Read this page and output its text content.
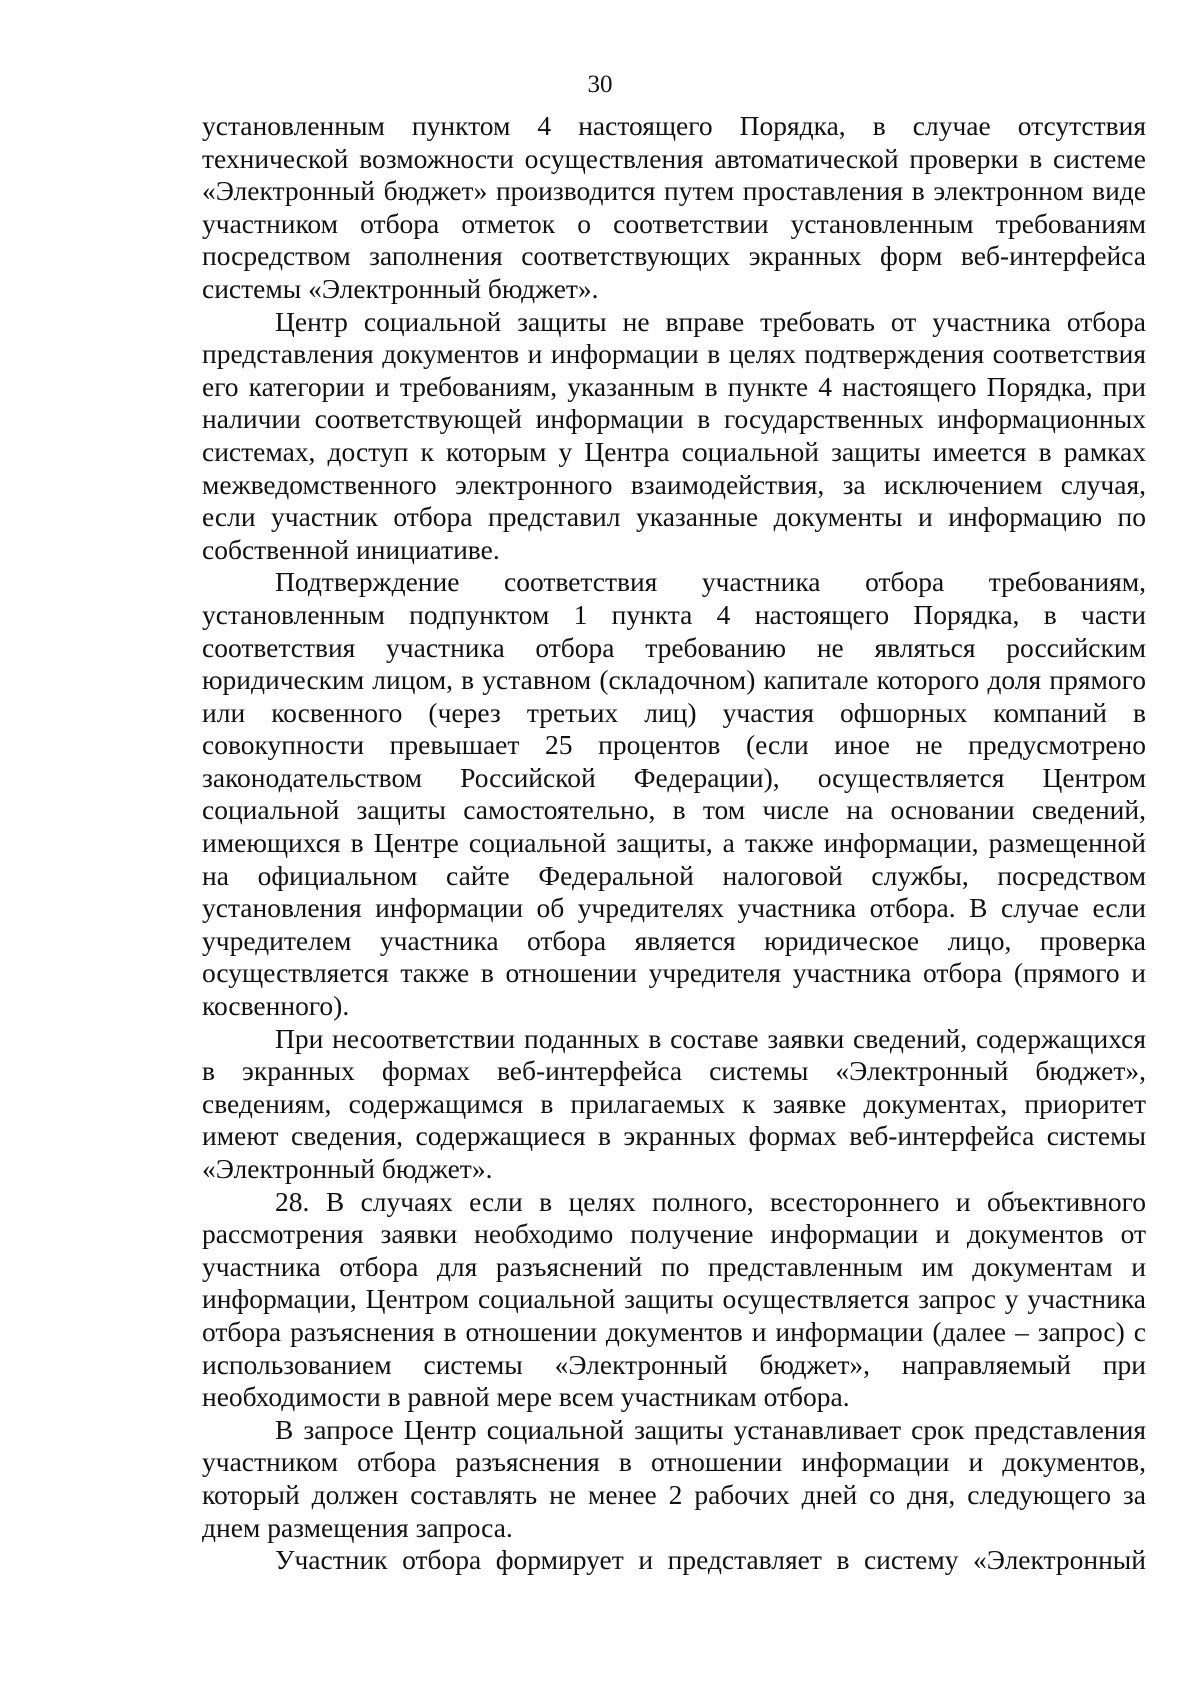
30

установленным пунктом 4 настоящего Порядка, в случае отсутствия технической возможности осуществления автоматической проверки в системе «Электронный бюджет» производится путем проставления в электронном виде участником отбора отметок о соответствии установленным требованиям посредством заполнения соответствующих экранных форм веб-интерфейса системы «Электронный бюджет».

Центр социальной защиты не вправе требовать от участника отбора представления документов и информации в целях подтверждения соответствия его категории и требованиям, указанным в пункте 4 настоящего Порядка, при наличии соответствующей информации в государственных информационных системах, доступ к которым у Центра социальной защиты имеется в рамках межведомственного электронного взаимодействия, за исключением случая, если участник отбора представил указанные документы и информацию по собственной инициативе.

Подтверждение соответствия участника отбора требованиям, установленным подпунктом 1 пункта 4 настоящего Порядка, в части соответствия участника отбора требованию не являться российским юридическим лицом, в уставном (складочном) капитале которого доля прямого или косвенного (через третьих лиц) участия офшорных компаний в совокупности превышает 25 процентов (если иное не предусмотрено законодательством Российской Федерации), осуществляется Центром социальной защиты самостоятельно, в том числе на основании сведений, имеющихся в Центре социальной защиты, а также информации, размещенной на официальном сайте Федеральной налоговой службы, посредством установления информации об учредителях участника отбора. В случае если учредителем участника отбора является юридическое лицо, проверка осуществляется также в отношении учредителя участника отбора (прямого и косвенного).

При несоответствии поданных в составе заявки сведений, содержащихся в экранных формах веб-интерфейса системы «Электронный бюджет», сведениям, содержащимся в прилагаемых к заявке документах, приоритет имеют сведения, содержащиеся в экранных формах веб-интерфейса системы «Электронный бюджет».

28. В случаях если в целях полного, всестороннего и объективного рассмотрения заявки необходимо получение информации и документов от участника отбора для разъяснений по представленным им документам и информации, Центром социальной защиты осуществляется запрос у участника отбора разъяснения в отношении документов и информации (далее – запрос) с использованием системы «Электронный бюджет», направляемый при необходимости в равной мере всем участникам отбора.

В запросе Центр социальной защиты устанавливает срок представления участником отбора разъяснения в отношении информации и документов, который должен составлять не менее 2 рабочих дней со дня, следующего за днем размещения запроса.

Участник отбора формирует и представляет в систему «Электронный
